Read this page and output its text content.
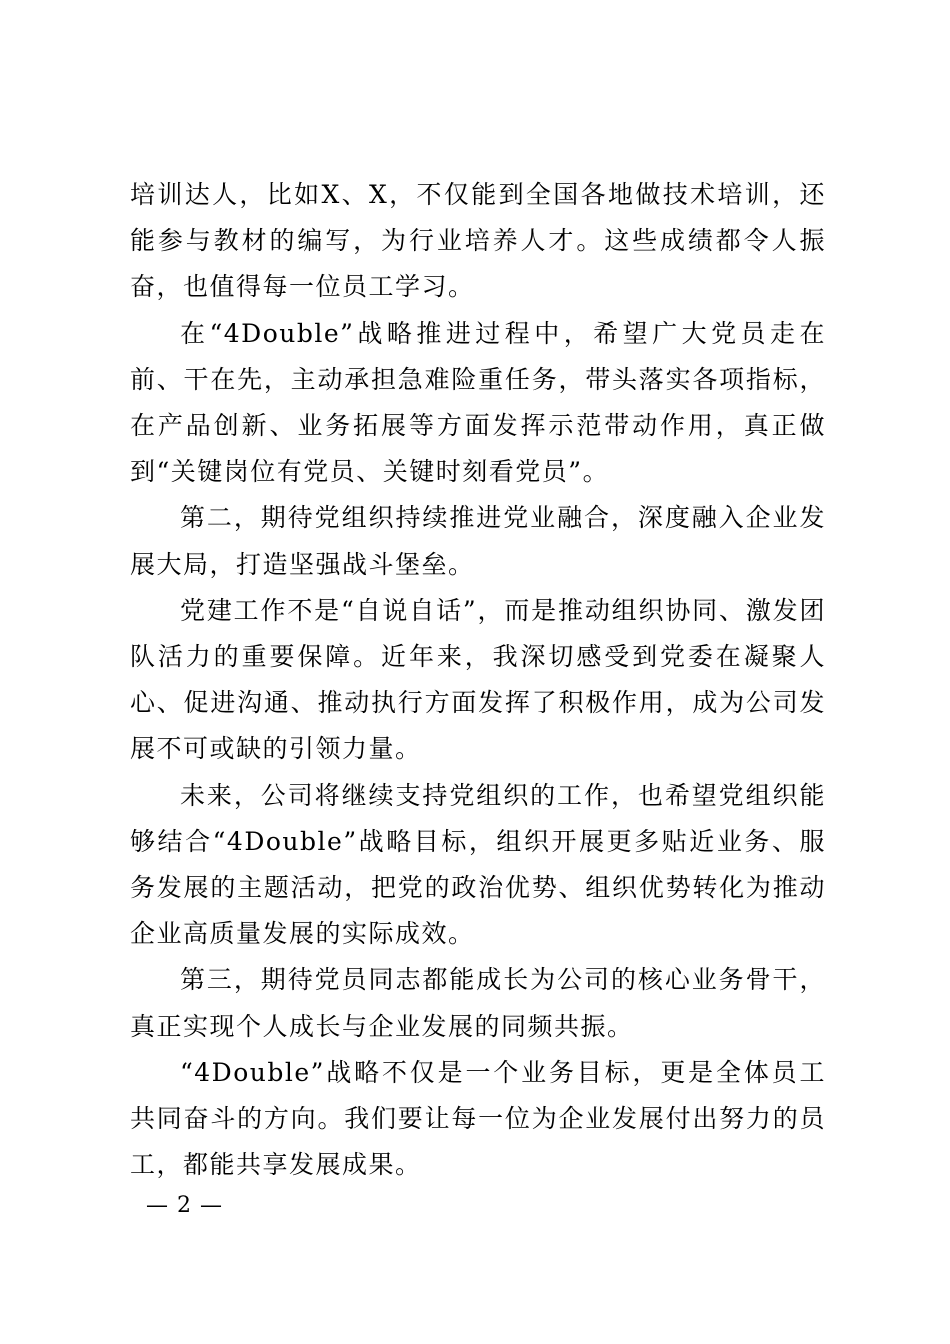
培训达人，比如X、X，不仅能到全国各地做技术培训，还能参与教材的编写，为行业培养人才。这些成绩都令人振奋，也值得每一位员工学习。

在“4Double”战略推进过程中，希望广大党员走在前、干在先，主动承担急难险重任务，带头落实各项指标，在产品创新、业务拓展等方面发挥示范带动作用，真正做到“关键岗位有党员、关键时刻看党员”。

第二，期待党组织持续推进党业融合，深度融入企业发展大局，打造坚强战斗堡垒。

党建工作不是“自说自话”，而是推动组织协同、激发团队活力的重要保障。近年来，我深切感受到党委在凝聚人心、促进沟通、推动执行方面发挥了积极作用，成为公司发展不可或缺的引领力量。

未来，公司将继续支持党组织的工作，也希望党组织能够结合“4Double”战略目标，组织开展更多贴近业务、服务发展的主题活动，把党的政治优势、组织优势转化为推动企业高质量发展的实际成效。

第三，期待党员同志都能成长为公司的核心业务骨干，真正实现个人成长与企业发展的同频共振。

“4Double”战略不仅是一个业务目标，更是全体员工共同奋斗的方向。我们要让每一位为企业发展付出努力的员工，都能共享发展成果。

— 2 —
